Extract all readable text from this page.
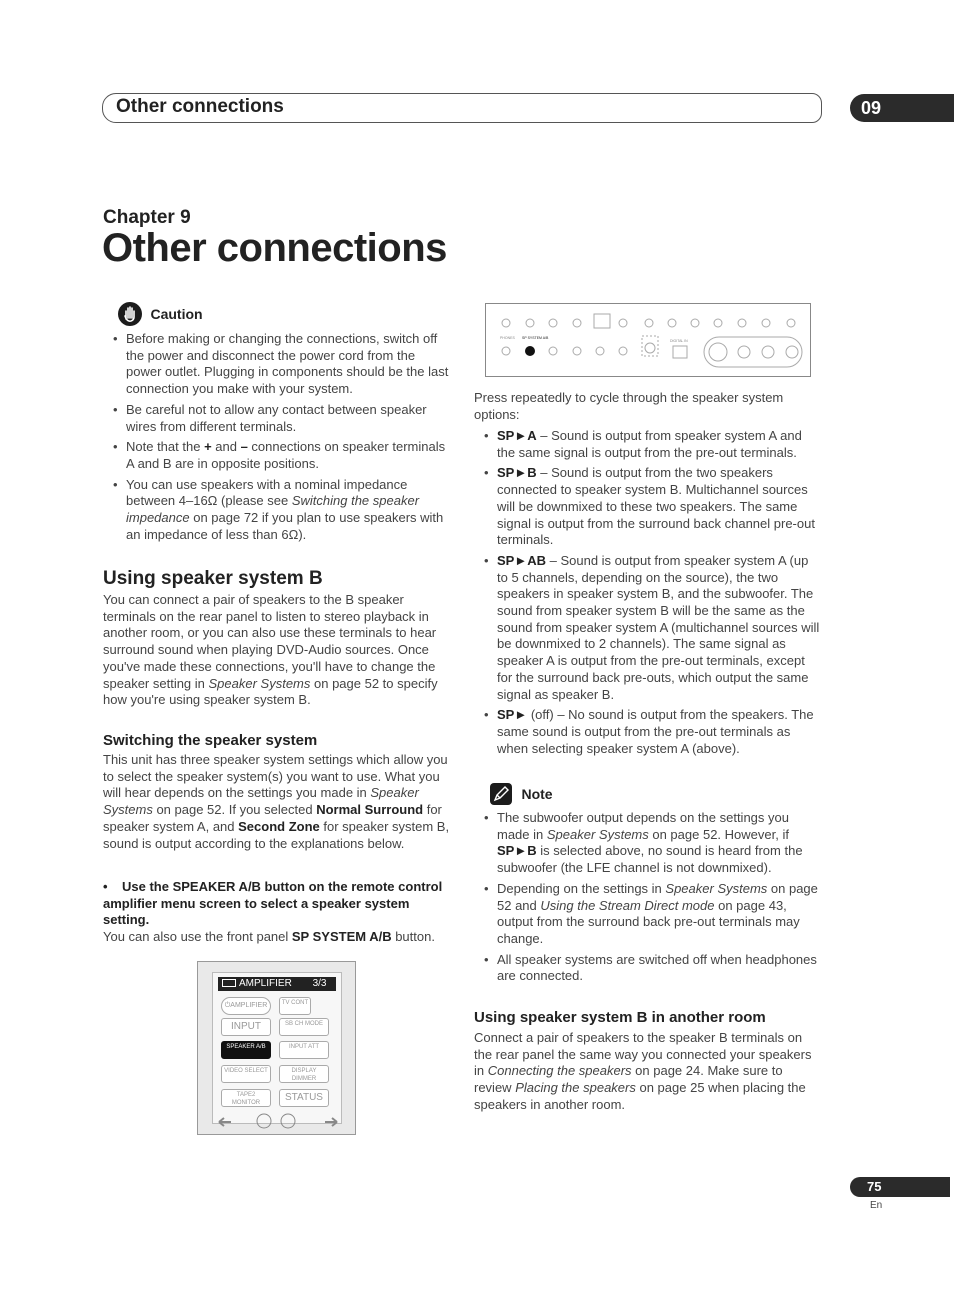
Other connections	09
Chapter 9
Other connections
Caution
• Before making or changing the connections, switch off the power and disconnect the power cord from the power outlet. Plugging in components should be the last connection you make with your system.
• Be careful not to allow any contact between speaker wires from different terminals.
• Note that the + and – connections on speaker terminals A and B are in opposite positions.
• You can use speakers with a nominal impedance between 4–16Ω (please see Switching the speaker impedance on page 72 if you plan to use speakers with an impedance of less than 6Ω).
Using speaker system B
You can connect a pair of speakers to the B speaker terminals on the rear panel to listen to stereo playback in another room, or you can also use these terminals to hear surround sound when playing DVD-Audio sources. Once you've made these connections, you'll have to change the speaker setting in Speaker Systems on page 52 to specify how you're using speaker system B.
Switching the speaker system
This unit has three speaker system settings which allow you to select the speaker system(s) you want to use. What you will hear depends on the settings you made in Speaker Systems on page 52. If you selected Normal Surround for speaker system A, and Second Zone for speaker system B, sound is output according to the explanations below.
•    Use the SPEAKER A/B button on the remote control amplifier menu screen to select a speaker system setting.
You can also use the front panel SP SYSTEM A/B button.
AMPLIFIER 3/3
⏻AMPLIFIER	TV CONT
INPUT	SB CH MODE
SPEAKER A/B	INPUT ATT
VIDEO SELECT	DISPLAY DIMMER
TAPE2 MONITOR	STATUS
PHONES SP SYSTEM A/B
DIGITAL IN
Press repeatedly to cycle through the speaker system options:
• SP►A – Sound is output from speaker system A and the same signal is output from the pre-out terminals.
• SP►B – Sound is output from the two speakers connected to speaker system B. Multichannel sources will be downmixed to these two speakers. The same signal is output from the surround back channel pre-out terminals.
• SP►AB – Sound is output from speaker system A (up to 5 channels, depending on the source), the two speakers in speaker system B, and the subwoofer. The sound from speaker system B will be the same as the sound from speaker system A (multichannel sources will be downmixed to 2 channels). The same signal as speaker A is output from the pre-out terminals, except for the surround back pre-outs, which output the same signal as speaker B.
• SP► (off) – No sound is output from the speakers. The same sound is output from the pre-out terminals as when selecting speaker system A (above).
Note
• The subwoofer output depends on the settings you made in Speaker Systems on page 52. However, if SP►B is selected above, no sound is heard from the subwoofer (the LFE channel is not downmixed).
• Depending on the settings in Speaker Systems on page 52 and Using the Stream Direct mode on page 43, output from the surround back pre-out terminals may change.
• All speaker systems are switched off when headphones are connected.
Using speaker system B in another room
Connect a pair of speakers to the speaker B terminals on the rear panel the same way you connected your speakers in Connecting the speakers on page 24. Make sure to review Placing the speakers on page 25 when placing the speakers in another room.
75
En
